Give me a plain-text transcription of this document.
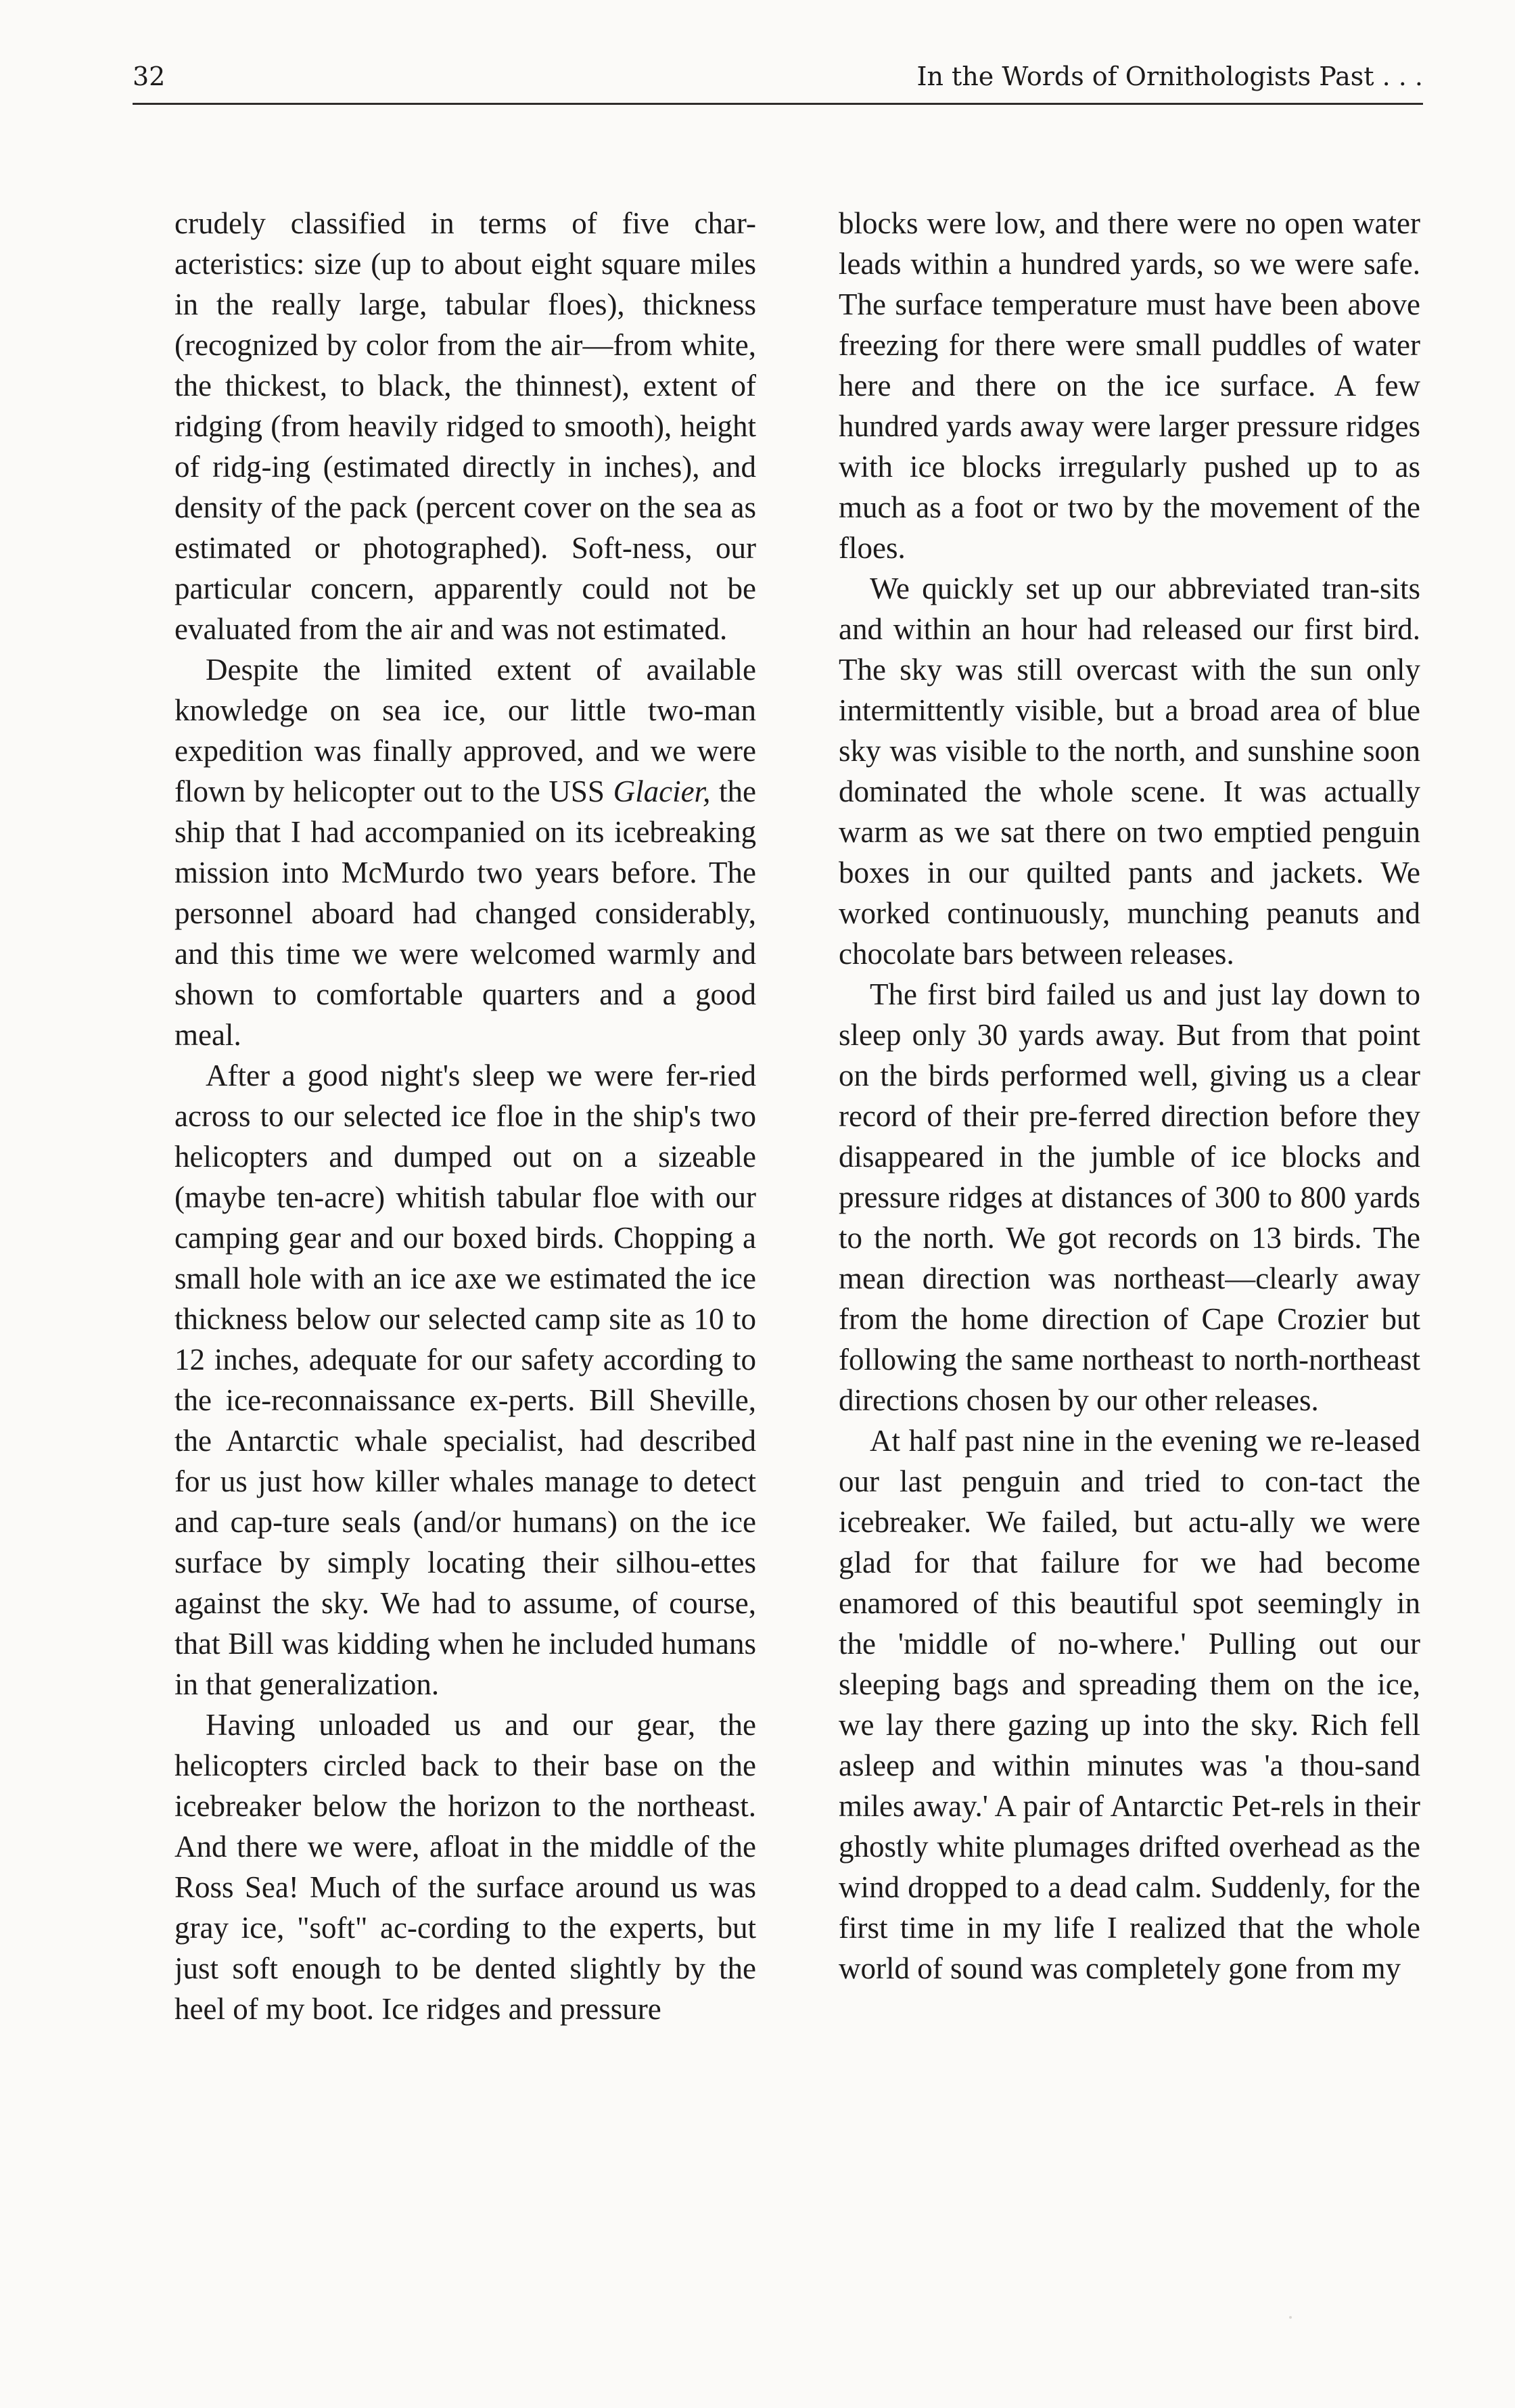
32	In the Words of Ornithologists Past . . .

crudely classified in terms of five char-acteristics: size (up to about eight square miles in the really large, tabular floes), thickness (recognized by color from the air—from white, the thickest, to black, the thinnest), extent of ridging (from heavily ridged to smooth), height of ridg-ing (estimated directly in inches), and density of the pack (percent cover on the sea as estimated or photographed). Soft-ness, our particular concern, apparently could not be evaluated from the air and was not estimated.

Despite the limited extent of available knowledge on sea ice, our little two-man expedition was finally approved, and we were flown by helicopter out to the USS Glacier, the ship that I had accompanied on its icebreaking mission into McMurdo two years before. The personnel aboard had changed considerably, and this time we were welcomed warmly and shown to comfortable quarters and a good meal.

After a good night's sleep we were fer-ried across to our selected ice floe in the ship's two helicopters and dumped out on a sizeable (maybe ten-acre) whitish tabular floe with our camping gear and our boxed birds. Chopping a small hole with an ice axe we estimated the ice thickness below our selected camp site as 10 to 12 inches, adequate for our safety according to the ice-reconnaissance ex-perts. Bill Sheville, the Antarctic whale specialist, had described for us just how killer whales manage to detect and cap-ture seals (and/or humans) on the ice surface by simply locating their silhou-ettes against the sky. We had to assume, of course, that Bill was kidding when he included humans in that generalization.

Having unloaded us and our gear, the helicopters circled back to their base on the icebreaker below the horizon to the northeast. And there we were, afloat in the middle of the Ross Sea! Much of the surface around us was gray ice, "soft" ac-cording to the experts, but just soft enough to be dented slightly by the heel of my boot. Ice ridges and pressure

blocks were low, and there were no open water leads within a hundred yards, so we were safe. The surface temperature must have been above freezing for there were small puddles of water here and there on the ice surface. A few hundred yards away were larger pressure ridges with ice blocks irregularly pushed up to as much as a foot or two by the movement of the floes.

We quickly set up our abbreviated tran-sits and within an hour had released our first bird. The sky was still overcast with the sun only intermittently visible, but a broad area of blue sky was visible to the north, and sunshine soon dominated the whole scene. It was actually warm as we sat there on two emptied penguin boxes in our quilted pants and jackets. We worked continuously, munching peanuts and chocolate bars between releases.

The first bird failed us and just lay down to sleep only 30 yards away. But from that point on the birds performed well, giving us a clear record of their pre-ferred direction before they disappeared in the jumble of ice blocks and pressure ridges at distances of 300 to 800 yards to the north. We got records on 13 birds. The mean direction was northeast—clearly away from the home direction of Cape Crozier but following the same northeast to north-northeast directions chosen by our other releases.

At half past nine in the evening we re-leased our last penguin and tried to con-tact the icebreaker. We failed, but actu-ally we were glad for that failure for we had become enamored of this beautiful spot seemingly in the 'middle of no-where.' Pulling out our sleeping bags and spreading them on the ice, we lay there gazing up into the sky. Rich fell asleep and within minutes was 'a thou-sand miles away.' A pair of Antarctic Pet-rels in their ghostly white plumages drifted overhead as the wind dropped to a dead calm. Suddenly, for the first time in my life I realized that the whole world of sound was completely gone from my
